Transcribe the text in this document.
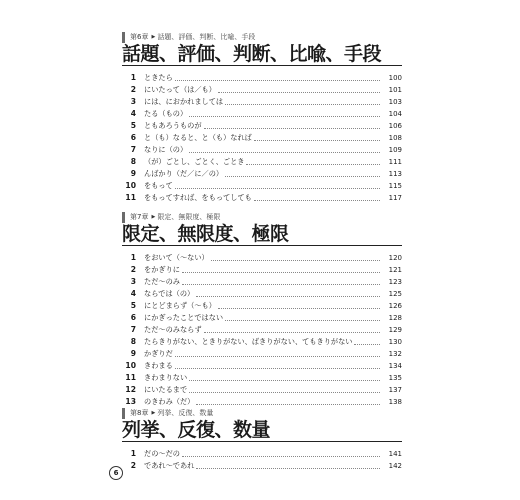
第6章 ▶ 話題、評価、判断、比喩、手段
話題、評価、判断、比喩、手段
1 ときたら	100
2 にいたって（は／も）	101
3 には、におかれましては	103
4 たる（もの）	104
5 ともあろうものが	106
6 と（も）なると、と（も）なれば	108
7 なりに（の）	109
8 （が）ごとし、ごとく、ごとき	111
9 んばかり（だ／に／の）	113
10 をもって	115
11 をもってすれば、をもってしても	117
第7章 ▶ 限定、無限度、極限
限定、無限度、極限
1 をおいて（〜ない）	120
2 をかぎりに	121
3 ただ〜のみ	123
4 ならでは（の）	125
5 にとどまらず（〜も）	126
6 にかぎったことではない	128
7 ただ〜のみならず	129
8 たらきりがない、ときりがない、ばきりがない、てもきりがない	130
9 かぎりだ	132
10 きわまる	134
11 きわまりない	135
12 にいたるまで	137
13 のきわみ（だ）	138
第8章 ▶ 列挙、反復、数量
列挙、反復、数量
1 だの〜だの	141
2 であれ〜であれ	142
6
